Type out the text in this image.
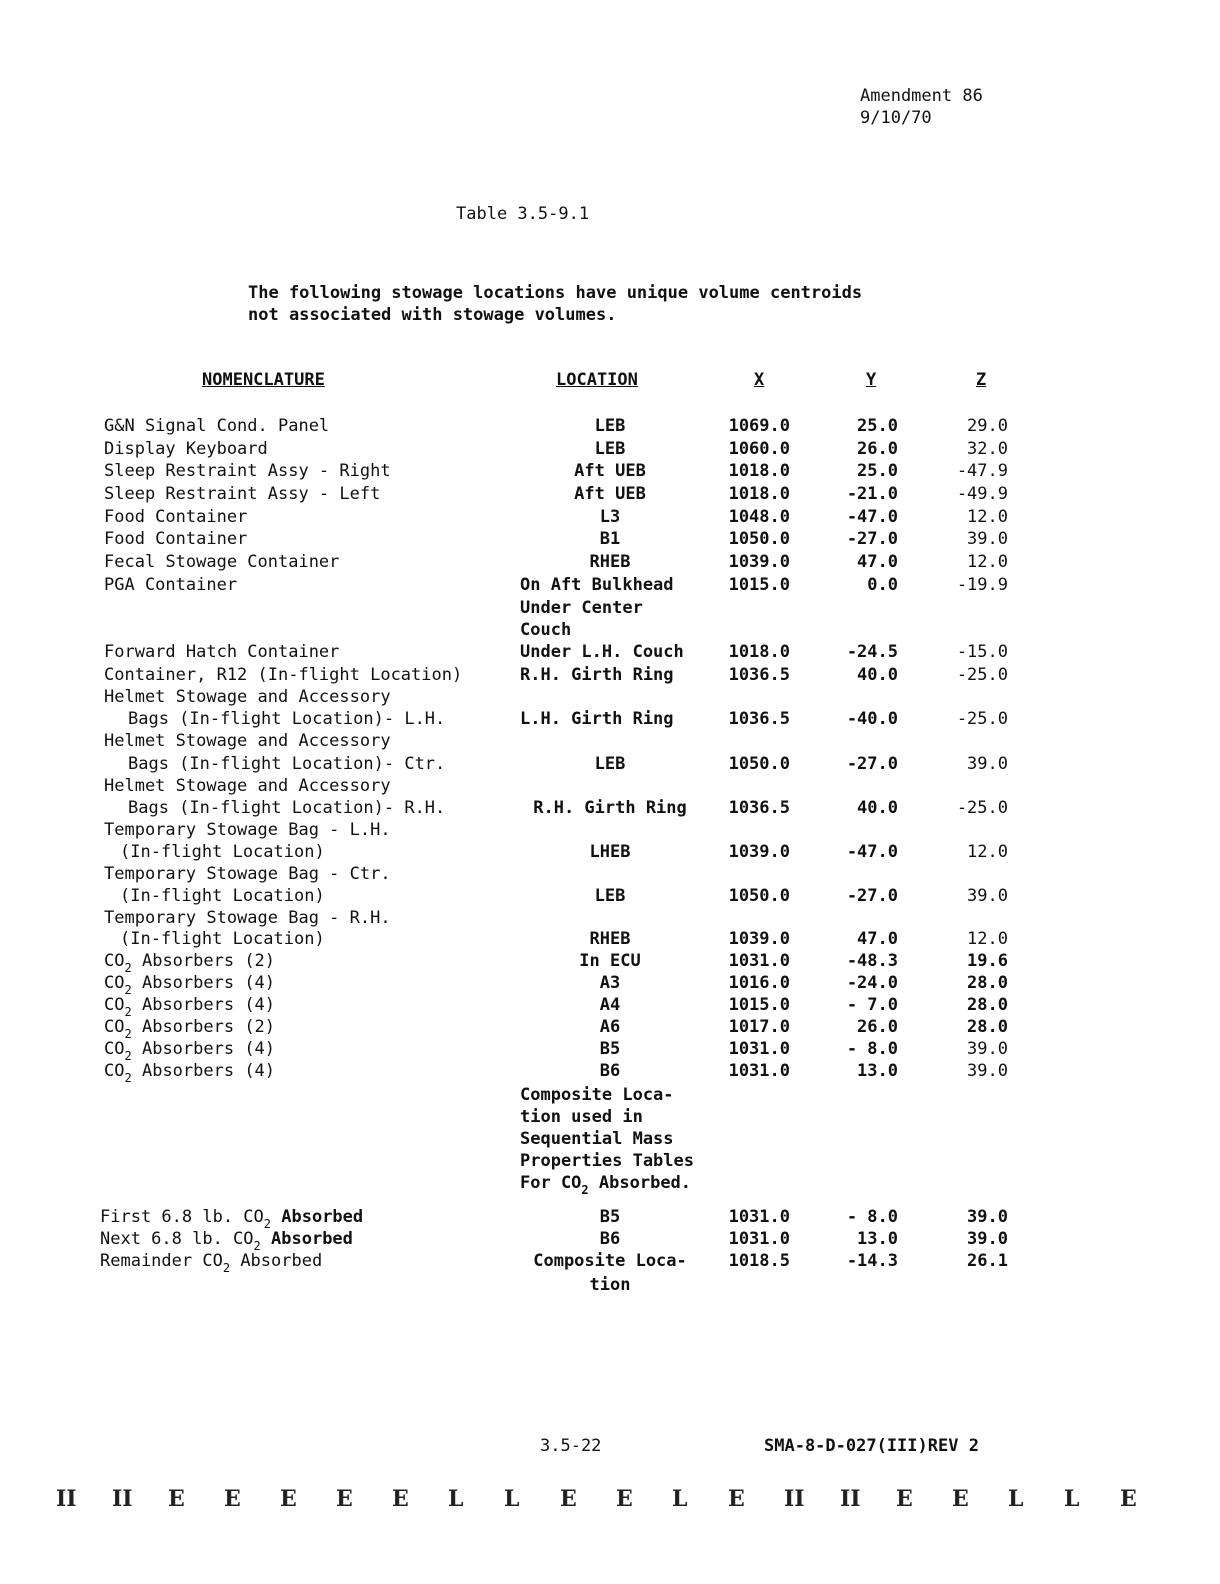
Amendment 86
9/10/70
Table 3.5-9.1
The following stowage locations have unique volume centroids
not associated with stowage volumes.
NOMENCLATURE	LOCATION	X	Y	Z
G&N Signal Cond. Panel	LEB	1069.0	25.0	29.0
Display Keyboard	LEB	1060.0	26.0	32.0
Sleep Restraint Assy - Right	Aft UEB	1018.0	25.0	-47.9
Sleep Restraint Assy - Left	Aft UEB	1018.0	-21.0	-49.9
Food Container	L3	1048.0	-47.0	12.0
Food Container	B1	1050.0	-27.0	39.0
Fecal Stowage Container	RHEB	1039.0	47.0	12.0
PGA Container	On Aft Bulkhead	1015.0	0.0	-19.9
Under Center
Couch
Forward Hatch Container	Under L.H. Couch	1018.0	-24.5	-15.0
Container, R12 (In-flight Location)	R.H. Girth Ring	1036.5	40.0	-25.0
Helmet Stowage and Accessory
Bags (In-flight Location)- L.H.	L.H. Girth Ring	1036.5	-40.0	-25.0
Helmet Stowage and Accessory
Bags (In-flight Location)- Ctr.	LEB	1050.0	-27.0	39.0
Helmet Stowage and Accessory
Bags (In-flight Location)- R.H.	R.H. Girth Ring	1036.5	40.0	-25.0
Temporary Stowage Bag - L.H.
(In-flight Location)	LHEB	1039.0	-47.0	12.0
Temporary Stowage Bag - Ctr.
(In-flight Location)	LEB	1050.0	-27.0	39.0
Temporary Stowage Bag - R.H.
(In-flight Location)	RHEB	1039.0	47.0	12.0
$CO_2$ Absorbers (2)	In ECU	1031.0	-48.3	19.6
$CO_2$ Absorbers (4)	A3	1016.0	-24.0	28.0
$CO_2$ Absorbers (4)	A4	1015.0	- 7.0	28.0
$CO_2$ Absorbers (2)	A6	1017.0	26.0	28.0
$CO_2$ Absorbers (4)	B5	1031.0	- 8.0	39.0
$CO_2$ Absorbers (4)	B6	1031.0	13.0	39.0
Composite Loca-
tion used in
Sequential Mass
Properties Tables
For $CO_2$ Absorbed.
First 6.8 lb. $CO_2$ Absorbed	B5	1031.0	- 8.0	39.0
Next 6.8 lb. $CO_2$ Absorbed	B6	1031.0	13.0	39.0
Remainder $CO_2$ Absorbed	Composite Loca-	1018.5	-14.3	26.1
tion
3.5-22	SMA-8-D-027(III)REV 2
II II E E E E E L L E E L E II II E E L L E
